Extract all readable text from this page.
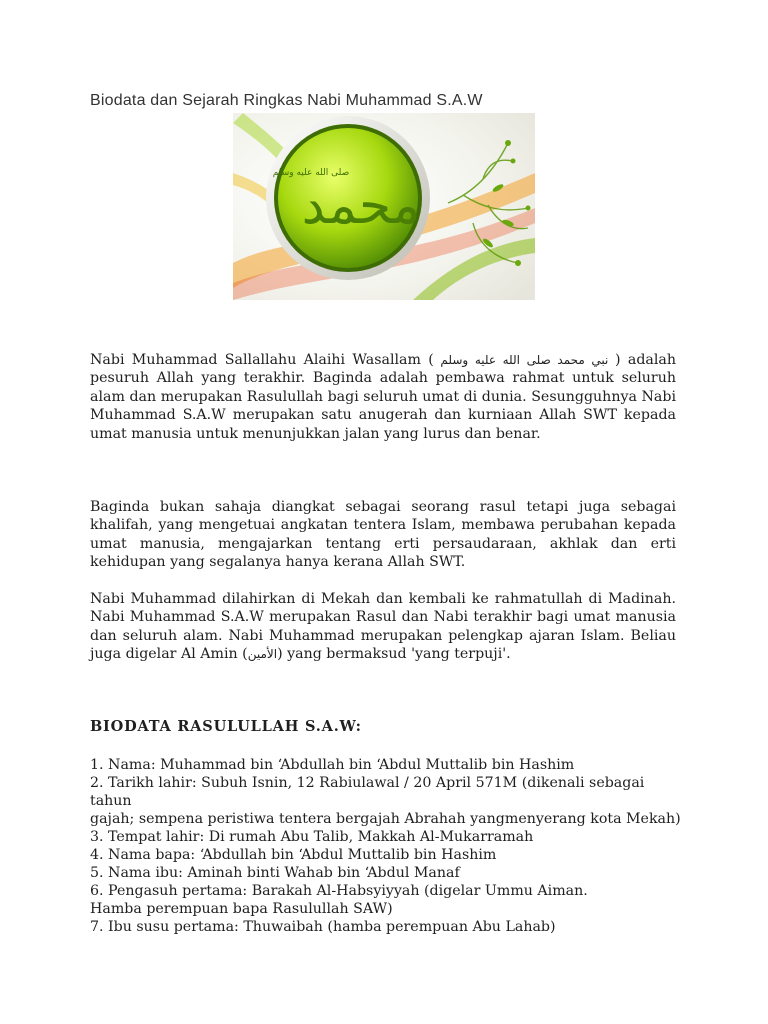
Biodata dan Sejarah Ringkas Nabi Muhammad S.A.W
محمد
صلى الله عليه وسلم

Nabi Muhammad Sallallahu Alaihi Wasallam ( نبي محمد صلى الله عليه وسلم ) adalah pesuruh Allah yang terakhir. Baginda adalah pembawa rahmat untuk seluruh alam dan merupakan Rasulullah bagi seluruh umat di dunia. Sesungguhnya Nabi Muhammad S.A.W merupakan satu anugerah dan kurniaan Allah SWT kepada umat manusia untuk menunjukkan jalan yang lurus dan benar.

Baginda bukan sahaja diangkat sebagai seorang rasul tetapi juga sebagai khalifah, yang mengetuai angkatan tentera Islam, membawa perubahan kepada umat manusia, mengajarkan tentang erti persaudaraan, akhlak dan erti kehidupan yang segalanya hanya kerana Allah SWT.

Nabi Muhammad dilahirkan di Mekah dan kembali ke rahmatullah di Madinah. Nabi Muhammad S.A.W merupakan Rasul dan Nabi terakhir bagi umat manusia dan seluruh alam. Nabi Muhammad merupakan pelengkap ajaran Islam. Beliau juga digelar Al Amin (الأمين) yang bermaksud 'yang terpuji'.

BIODATA RASULULLAH S.A.W:
1. Nama: Muhammad bin ‘Abdullah bin ‘Abdul Muttalib bin Hashim
2. Tarikh lahir: Subuh Isnin, 12 Rabiulawal / 20 April 571M (dikenali sebagai tahun
gajah; sempena peristiwa tentera bergajah Abrahah yangmenyerang kota Mekah)
3. Tempat lahir: Di rumah Abu Talib, Makkah Al-Mukarramah
4. Nama bapa: ‘Abdullah bin ‘Abdul Muttalib bin Hashim
5. Nama ibu: Aminah binti Wahab bin ‘Abdul Manaf
6. Pengasuh pertama: Barakah Al-Habsyiyyah (digelar Ummu Aiman.
Hamba perempuan bapa Rasulullah SAW)
7. Ibu susu pertama: Thuwaibah (hamba perempuan Abu Lahab)
